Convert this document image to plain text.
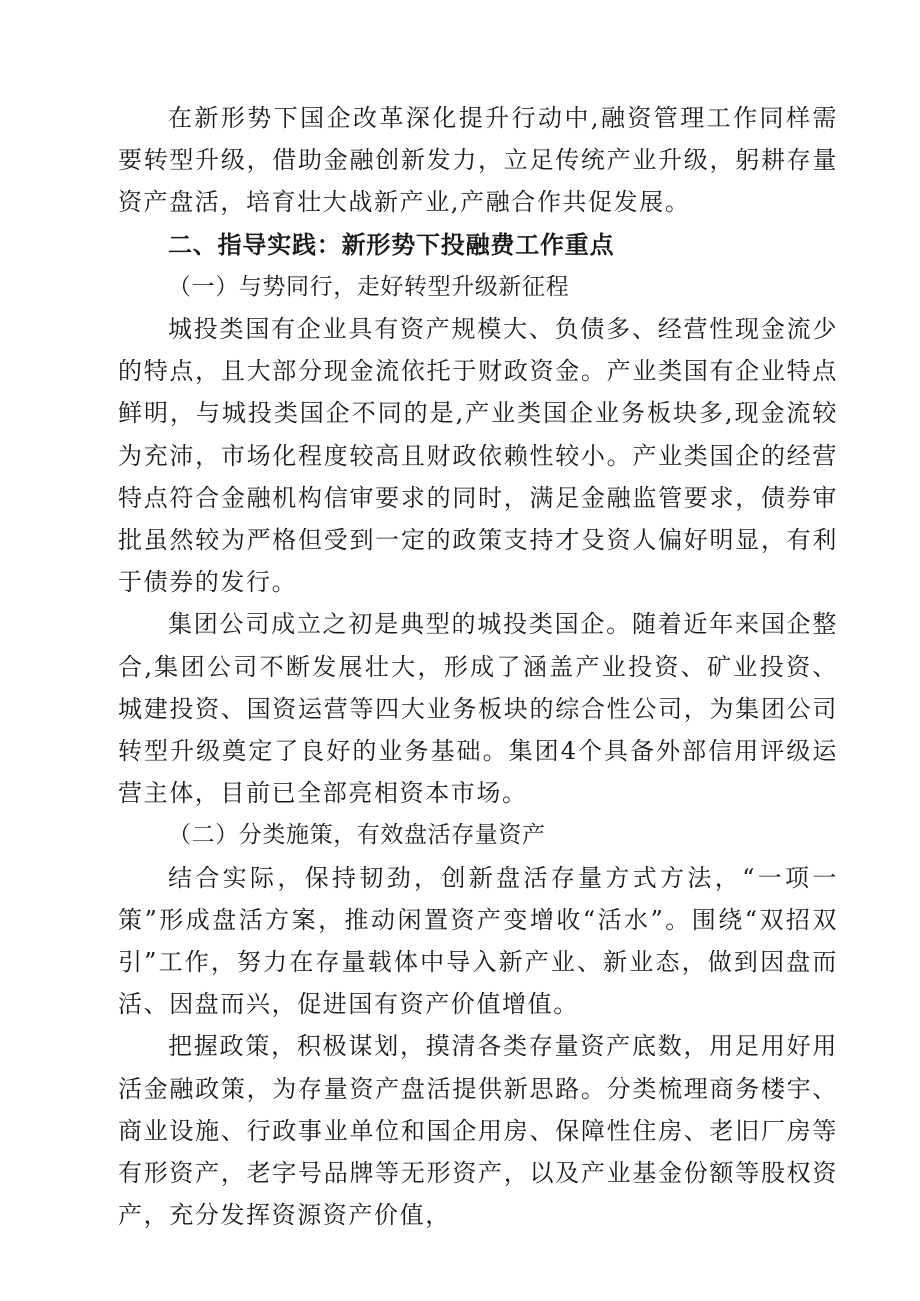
在新形势下国企改革深化提升行动中,融资管理工作同样需要转型升级，借助金融创新发力，立足传统产业升级，躬耕存量资产盘活，培育壮大战新产业,产融合作共促发展。

二、指导实践：新形势下投融费工作重点

（一）与势同行，走好转型升级新征程

城投类国有企业具有资产规模大、负债多、经营性现金流少的特点，且大部分现金流依托于财政资金。产业类国有企业特点鲜明，与城投类国企不同的是,产业类国企业务板块多,现金流较为充沛，市场化程度较高且财政依赖性较小。产业类国企的经营特点符合金融机构信审要求的同时，满足金融监管要求，债券审批虽然较为严格但受到一定的政策支持才殳资人偏好明显，有利于债券的发行。

集团公司成立之初是典型的城投类国企。随着近年来国企整合,集团公司不断发展壮大，形成了涵盖产业投资、矿业投资、城建投资、国资运营等四大业务板块的综合性公司，为集团公司转型升级奠定了良好的业务基础。集团4个具备外部信用评级运营主体，目前已全部亮相资本市场。

（二）分类施策，有效盘活存量资产

结合实际，保持韧劲，创新盘活存量方式方法，“一项一策”形成盘活方案，推动闲置资产变增收“活水”。围绕“双招双引”工作，努力在存量载体中导入新产业、新业态，做到因盘而活、因盘而兴，促进国有资产价值增值。

把握政策，积极谋划，摸清各类存量资产底数，用足用好用活金融政策，为存量资产盘活提供新思路。分类梳理商务楼宇、商业设施、行政事业单位和国企用房、保障性住房、老旧厂房等有形资产，老字号品牌等无形资产，以及产业基金份额等股权资产，充分发挥资源资产价值，
